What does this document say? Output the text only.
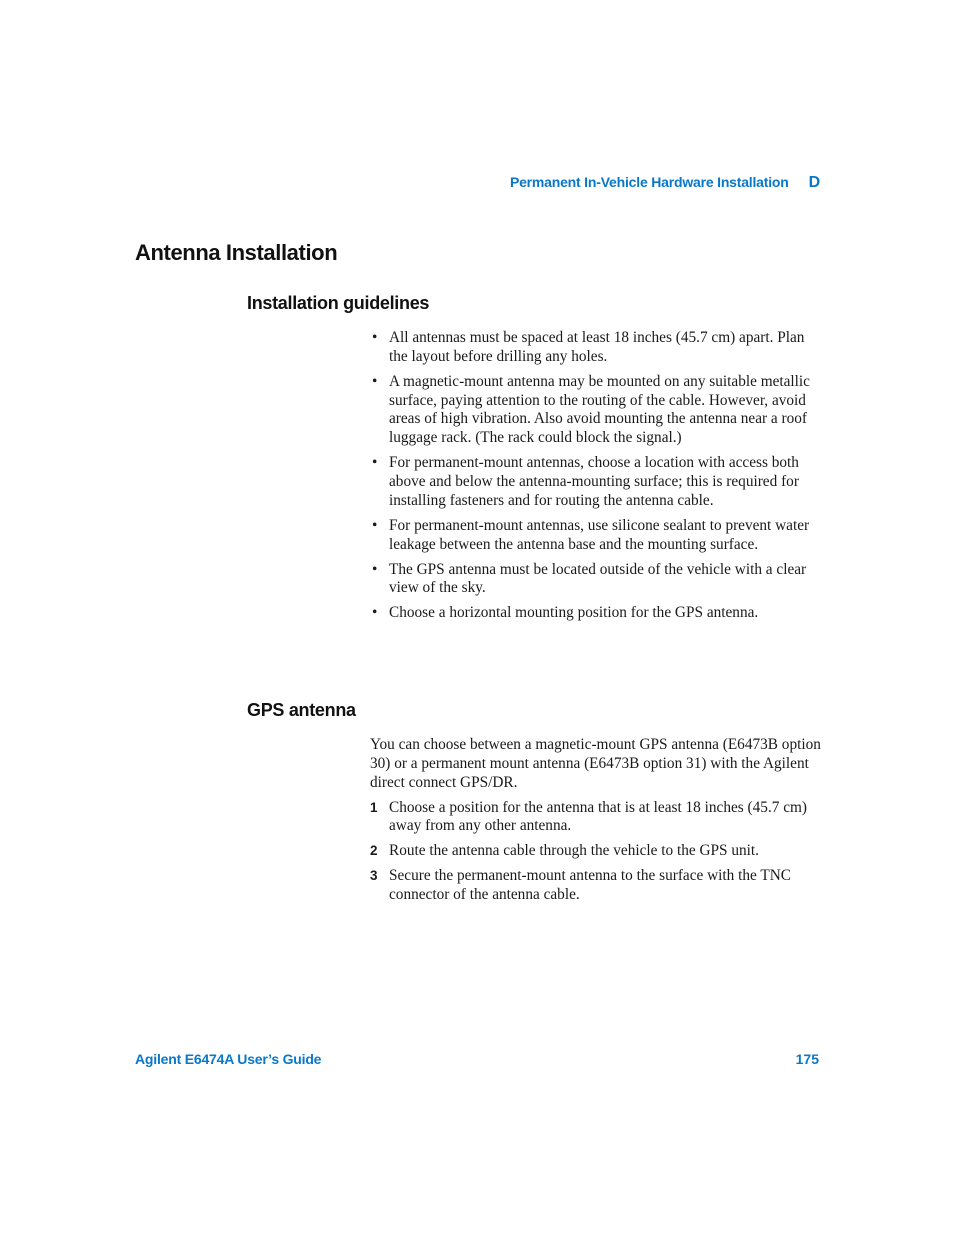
Permanent In-Vehicle Hardware Installation D
Antenna Installation
Installation guidelines
• All antennas must be spaced at least 18 inches (45.7 cm) apart. Plan the layout before drilling any holes.
• A magnetic-mount antenna may be mounted on any suitable metallic surface, paying attention to the routing of the cable. However, avoid areas of high vibration. Also avoid mounting the antenna near a roof luggage rack. (The rack could block the signal.)
• For permanent-mount antennas, choose a location with access both above and below the antenna-mounting surface; this is required for installing fasteners and for routing the antenna cable.
• For permanent-mount antennas, use silicone sealant to prevent water leakage between the antenna base and the mounting surface.
• The GPS antenna must be located outside of the vehicle with a clear view of the sky.
• Choose a horizontal mounting position for the GPS antenna.
GPS antenna

You can choose between a magnetic-mount GPS antenna (E6473B option 30) or a permanent mount antenna (E6473B option 31) with the Agilent direct connect GPS/DR.

1 Choose a position for the antenna that is at least 18 inches (45.7 cm) away from any other antenna.
2 Route the antenna cable through the vehicle to the GPS unit.
3 Secure the permanent-mount antenna to the surface with the TNC connector of the antenna cable.
Agilent E6474A User’s Guide	175
